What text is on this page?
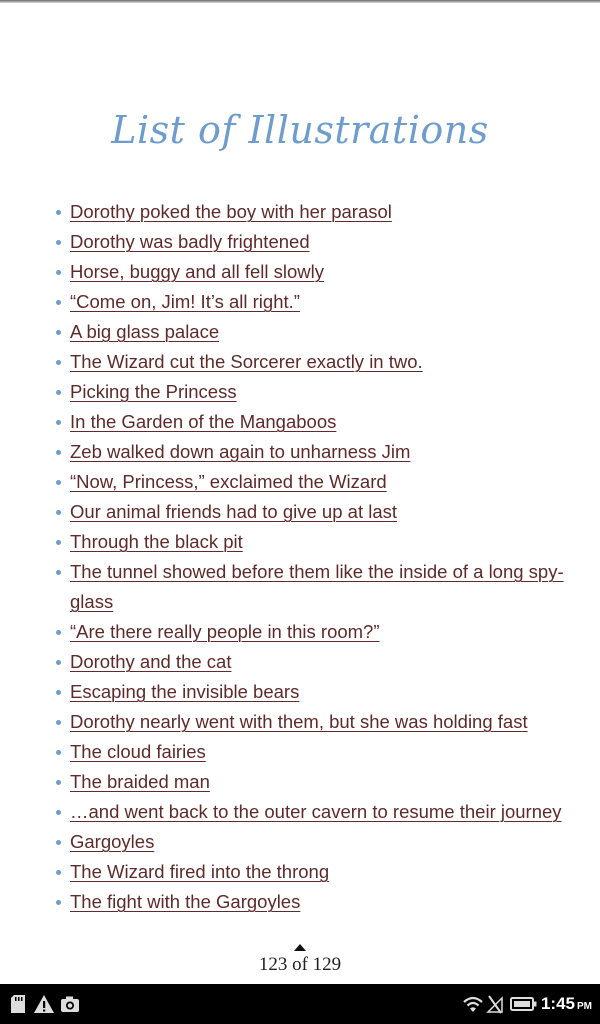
List of Illustrations
Dorothy poked the boy with her parasol
Dorothy was badly frightened
Horse, buggy and all fell slowly
“Come on, Jim! It’s all right.”
A big glass palace
The Wizard cut the Sorcerer exactly in two.
Picking the Princess
In the Garden of the Mangaboos
Zeb walked down again to unharness Jim
“Now, Princess,” exclaimed the Wizard
Our animal friends had to give up at last
Through the black pit
The tunnel showed before them like the inside of a long spy-glass
“Are there really people in this room?”
Dorothy and the cat
Escaping the invisible bears
Dorothy nearly went with them, but she was holding fast
The cloud fairies
The braided man
…and went back to the outer cavern to resume their journey
Gargoyles
The Wizard fired into the throng
The fight with the Gargoyles
123 of 129
1:45 PM
